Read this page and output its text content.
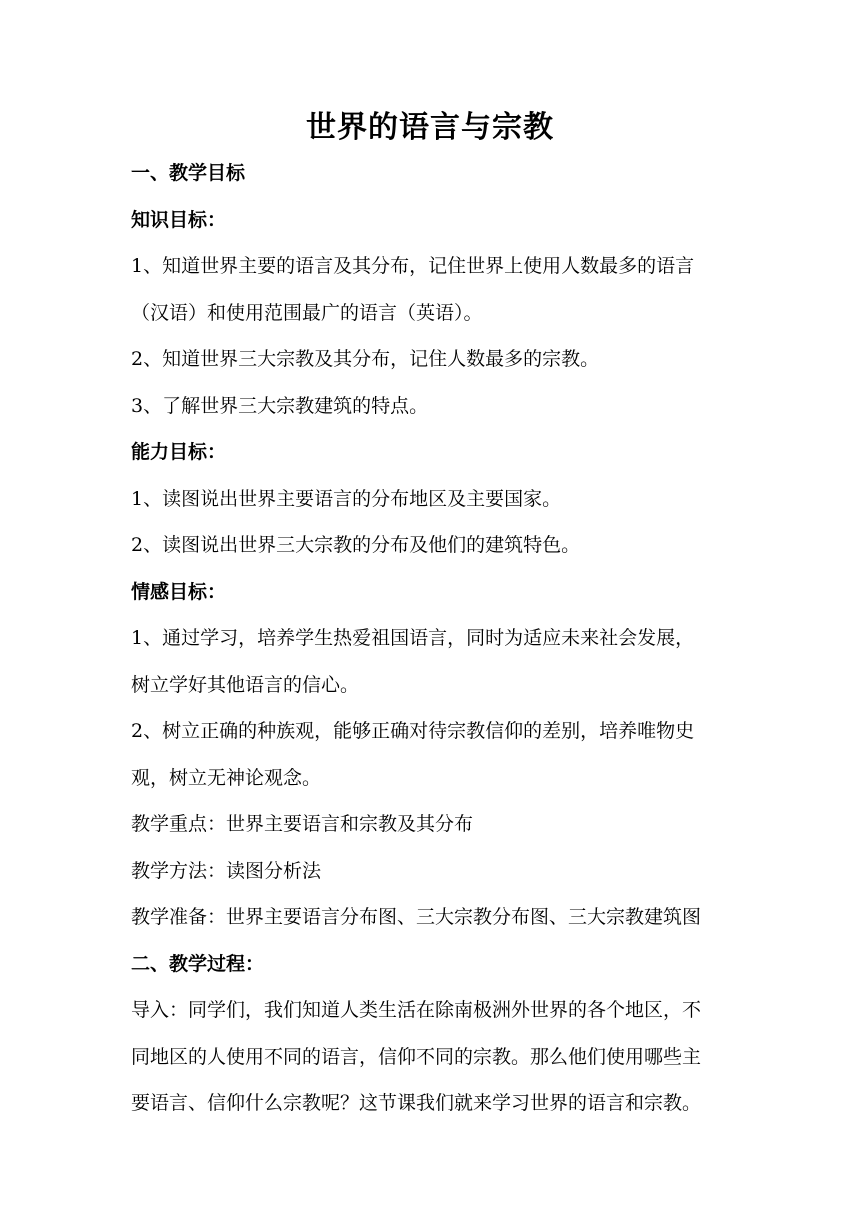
世界的语言与宗教

一、教学目标

知识目标：

1、知道世界主要的语言及其分布，记住世界上使用人数最多的语言

（汉语）和使用范围最广的语言（英语）。

2、知道世界三大宗教及其分布，记住人数最多的宗教。

3、了解世界三大宗教建筑的特点。

能力目标：

1、读图说出世界主要语言的分布地区及主要国家。

2、读图说出世界三大宗教的分布及他们的建筑特色。

情感目标：

1、通过学习，培养学生热爱祖国语言，同时为适应未来社会发展，

树立学好其他语言的信心。

2、树立正确的种族观，能够正确对待宗教信仰的差别，培养唯物史

观，树立无神论观念。

教学重点：世界主要语言和宗教及其分布

教学方法：读图分析法

教学准备：世界主要语言分布图、三大宗教分布图、三大宗教建筑图

二、教学过程：

导入：同学们，我们知道人类生活在除南极洲外世界的各个地区，不

同地区的人使用不同的语言，信仰不同的宗教。那么他们使用哪些主

要语言、信仰什么宗教呢？这节课我们就来学习世界的语言和宗教。
